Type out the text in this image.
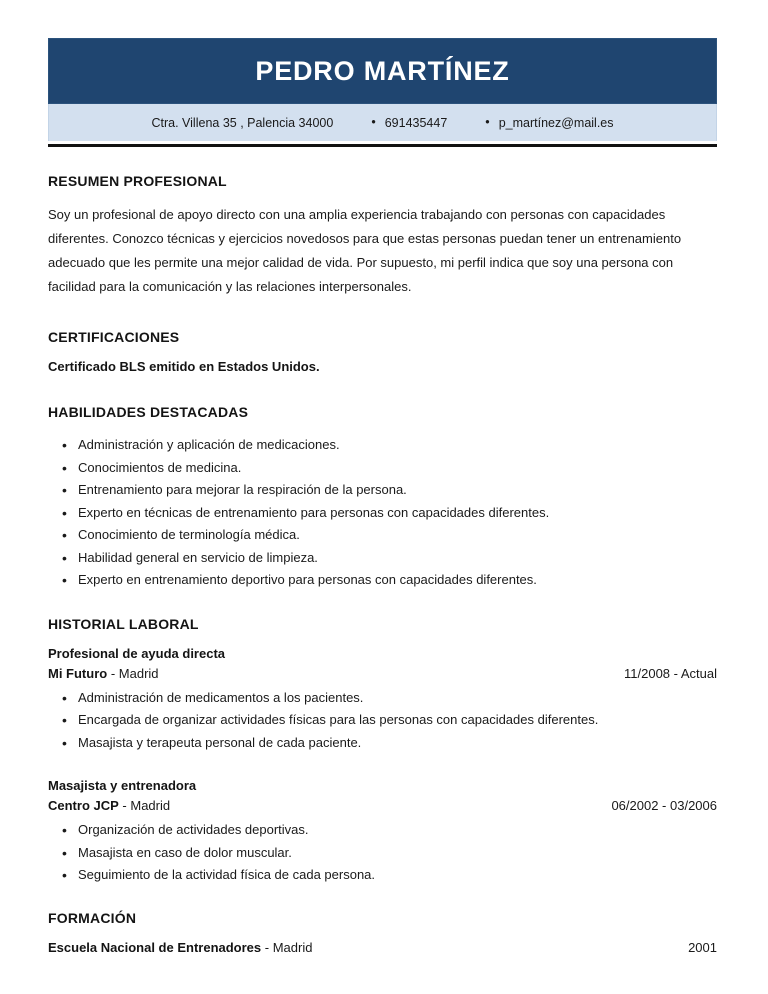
PEDRO MARTÍNEZ
Ctra. Villena 35 , Palencia 34000	• 691435447	• p_martínez@mail.es
RESUMEN PROFESIONAL

Soy un profesional de apoyo directo con una amplia experiencia trabajando con personas con capacidades diferentes. Conozco técnicas y ejercicios novedosos para que estas personas puedan tener un entrenamiento adecuado que les permite una mejor calidad de vida. Por supuesto, mi perfil indica que soy una persona con facilidad para la comunicación y las relaciones interpersonales.

CERTIFICACIONES

Certificado BLS emitido en Estados Unidos.

HABILIDADES DESTACADAS
• Administración y aplicación de medicaciones.
• Conocimientos de medicina.
• Entrenamiento para mejorar la respiración de la persona.
• Experto en técnicas de entrenamiento para personas con capacidades diferentes.
• Conocimiento de terminología médica.
• Habilidad general en servicio de limpieza.
• Experto en entrenamiento deportivo para personas con capacidades diferentes.
HISTORIAL LABORAL
Profesional de ayuda directa
Mi Futuro - Madrid	11/2008 - Actual
• Administración de medicamentos a los pacientes.
• Encargada de organizar actividades físicas para las personas con capacidades diferentes.
• Masajista y terapeuta personal de cada paciente.
Masajista y entrenadora
Centro JCP - Madrid	06/2002 - 03/2006
• Organización de actividades deportivas.
• Masajista en caso de dolor muscular.
• Seguimiento de la actividad física de cada persona.
FORMACIÓN
Escuela Nacional de Entrenadores - Madrid	2001
